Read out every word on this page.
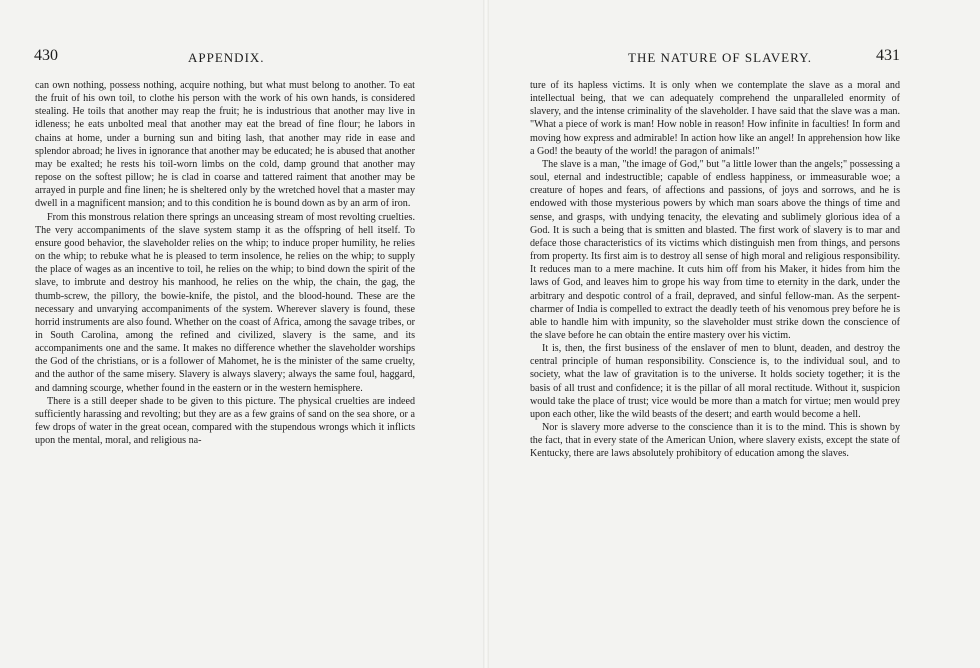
430	APPENDIX.

can own nothing, possess nothing, acquire nothing, but what must belong to another. To eat the fruit of his own toil, to clothe his person with the work of his own hands, is considered stealing. He toils that another may reap the fruit; he is industrious that another may live in idleness; he eats unbolted meal that another may eat the bread of fine flour; he labors in chains at home, under a burning sun and biting lash, that another may ride in ease and splendor abroad; he lives in ignorance that another may be educated; he is abused that another may be exalted; he rests his toil-worn limbs on the cold, damp ground that another may repose on the softest pillow; he is clad in coarse and tattered raiment that another may be arrayed in purple and fine linen; he is sheltered only by the wretched hovel that a master may dwell in a magnificent mansion; and to this condition he is bound down as by an arm of iron.

From this monstrous relation there springs an unceasing stream of most revolting cruelties. The very accompaniments of the slave system stamp it as the offspring of hell itself. To ensure good behavior, the slaveholder relies on the whip; to induce proper humility, he relies on the whip; to rebuke what he is pleased to term insolence, he relies on the whip; to supply the place of wages as an incentive to toil, he relies on the whip; to bind down the spirit of the slave, to imbrute and destroy his manhood, he relies on the whip, the chain, the gag, the thumb-screw, the pillory, the bowie-knife, the pistol, and the blood-hound. These are the necessary and unvarying accompaniments of the system. Wherever slavery is found, these horrid instruments are also found. Whether on the coast of Africa, among the savage tribes, or in South Carolina, among the refined and civilized, slavery is the same, and its accompaniments one and the same. It makes no difference whether the slaveholder worships the God of the christians, or is a follower of Mahomet, he is the minister of the same cruelty, and the author of the same misery. Slavery is always slavery; always the same foul, haggard, and damning scourge, whether found in the eastern or in the western hemisphere.

There is a still deeper shade to be given to this picture. The physical cruelties are indeed sufficiently harassing and revolting; but they are as a few grains of sand on the sea shore, or a few drops of water in the great ocean, compared with the stupendous wrongs which it inflicts upon the mental, moral, and religious na-

THE NATURE OF SLAVERY.	431

ture of its hapless victims. It is only when we contemplate the slave as a moral and intellectual being, that we can adequately comprehend the unparalleled enormity of slavery, and the intense criminality of the slaveholder. I have said that the slave was a man. "What a piece of work is man! How noble in reason! How infinite in faculties! In form and moving how express and admirable! In action how like an angel! In apprehension how like a God! the beauty of the world! the paragon of animals!"

The slave is a man, "the image of God," but "a little lower than the angels;" possessing a soul, eternal and indestructible; capable of endless happiness, or immeasurable woe; a creature of hopes and fears, of affections and passions, of joys and sorrows, and he is endowed with those mysterious powers by which man soars above the things of time and sense, and grasps, with undying tenacity, the elevating and sublimely glorious idea of a God. It is such a being that is smitten and blasted. The first work of slavery is to mar and deface those characteristics of its victims which distinguish men from things, and persons from property. Its first aim is to destroy all sense of high moral and religious responsibility. It reduces man to a mere machine. It cuts him off from his Maker, it hides from him the laws of God, and leaves him to grope his way from time to eternity in the dark, under the arbitrary and despotic control of a frail, depraved, and sinful fellow-man. As the serpent-charmer of India is compelled to extract the deadly teeth of his venomous prey before he is able to handle him with impunity, so the slaveholder must strike down the conscience of the slave before he can obtain the entire mastery over his victim.

It is, then, the first business of the enslaver of men to blunt, deaden, and destroy the central principle of human responsibility. Conscience is, to the individual soul, and to society, what the law of gravitation is to the universe. It holds society together; it is the basis of all trust and confidence; it is the pillar of all moral rectitude. Without it, suspicion would take the place of trust; vice would be more than a match for virtue; men would prey upon each other, like the wild beasts of the desert; and earth would become a hell.

Nor is slavery more adverse to the conscience than it is to the mind. This is shown by the fact, that in every state of the American Union, where slavery exists, except the state of Kentucky, there are laws absolutely prohibitory of education among the slaves.
